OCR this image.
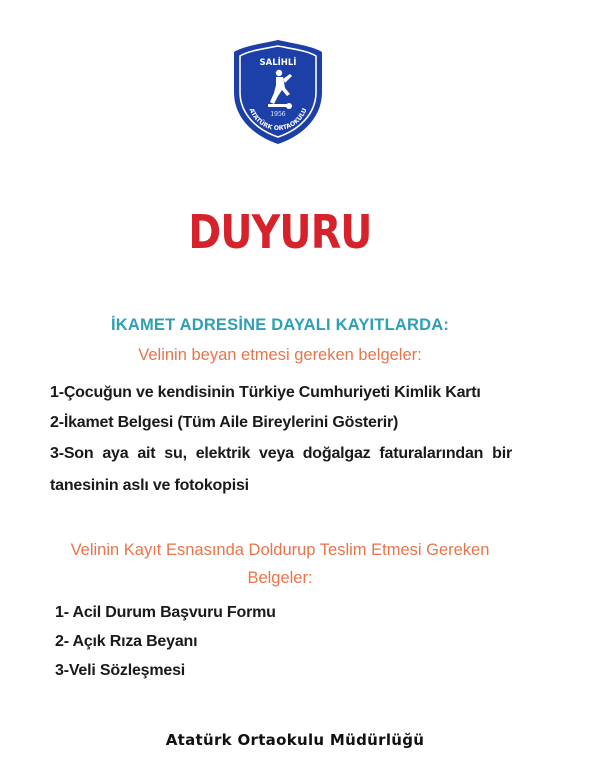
SALİHLİ
1956
ATATÜRK ORTAOKULU
DUYURU
İKAMET ADRESİNE DAYALI KAYITLARDA:
Velinin beyan etmesi gereken belgeler:
1-Çocuğun ve kendisinin Türkiye Cumhuriyeti Kimlik Kartı
2-İkamet Belgesi (Tüm Aile Bireylerini Gösterir)
3-Son aya ait su, elektrik veya doğalgaz faturalarından bir tanesinin aslı ve fotokopisi
Velinin Kayıt Esnasında Doldurup Teslim Etmesi Gereken
Belgeler:
1- Acil Durum Başvuru Formu
2- Açık Rıza Beyanı
3-Veli Sözleşmesi
Atatürk Ortaokulu Müdürlüğü
